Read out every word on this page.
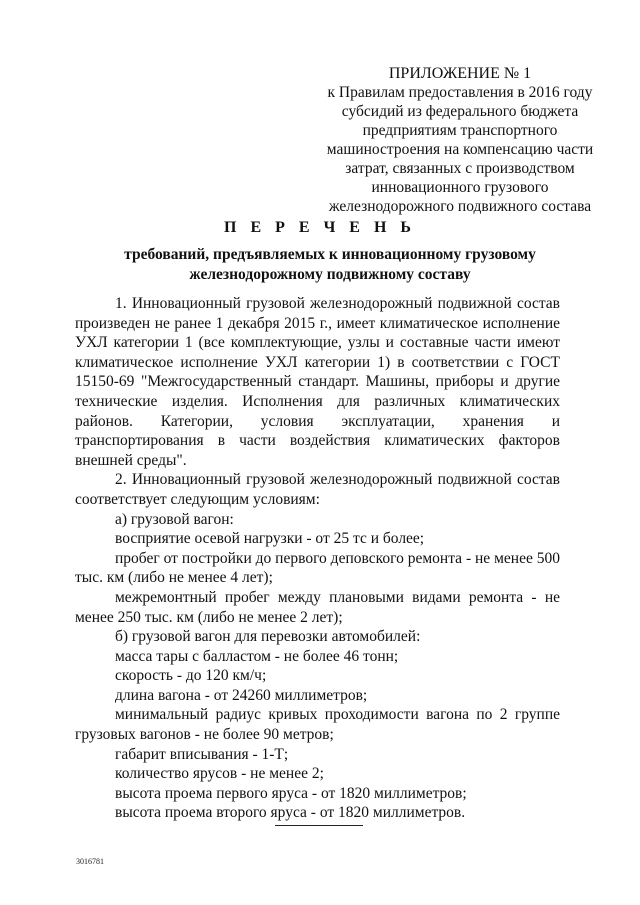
ПРИЛОЖЕНИЕ № 1
к Правилам предоставления в 2016 году
субсидий из федерального бюджета
предприятиям транспортного
машиностроения на компенсацию части
затрат, связанных с производством
инновационного грузового
железнодорожного подвижного состава
П Е Р Е Ч Е Н Ь
требований, предъявляемых к инновационному грузовому
железнодорожному подвижному составу

1. Инновационный грузовой железнодорожный подвижной состав произведен не ранее 1 декабря 2015 г., имеет климатическое исполнение УХЛ категории 1 (все комплектующие, узлы и составные части имеют климатическое исполнение УХЛ категории 1) в соответствии с ГОСТ 15150-69 "Межгосударственный стандарт. Машины, приборы и другие технические изделия. Исполнения для различных климатических районов. Категории, условия эксплуатации, хранения и транспортирования в части воздействия климатических факторов внешней среды".

2. Инновационный грузовой железнодорожный подвижной состав соответствует следующим условиям:

а) грузовой вагон:

восприятие осевой нагрузки - от 25 тс и более;

пробег от постройки до первого деповского ремонта - не менее 500 тыс. км (либо не менее 4 лет);

межремонтный пробег между плановыми видами ремонта - не менее 250 тыс. км (либо не менее 2 лет);

б) грузовой вагон для перевозки автомобилей:

масса тары с балластом - не более 46 тонн;

скорость - до 120 км/ч;

длина вагона - от 24260 миллиметров;

минимальный радиус кривых проходимости вагона по 2 группе грузовых вагонов - не более 90 метров;

габарит вписывания - 1-Т;

количество ярусов - не менее 2;

высота проема первого яруса - от 1820 миллиметров;

высота проема второго яруса - от 1820 миллиметров.

3016781
